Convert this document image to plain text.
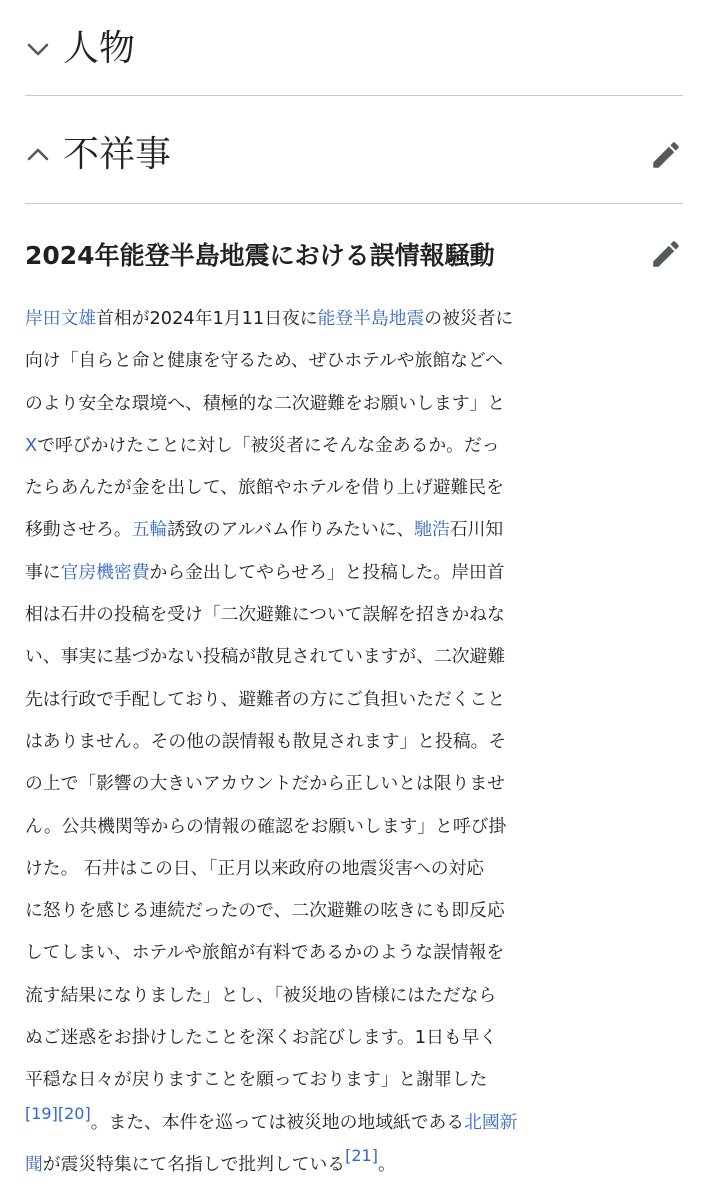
人物
不祥事
2024年能登半島地震における誤情報騒動
岸田文雄首相が2024年1月11日夜に能登半島地震の被災者に
向け「自らと命と健康を守るため、ぜひホテルや旅館などへ
のより安全な環境へ、積極的な二次避難をお願いします」と
Xで呼びかけたことに対し「被災者にそんな金あるか。だっ
たらあんたが金を出して、旅館やホテルを借り上げ避難民を
移動させろ。五輪誘致のアルバム作りみたいに、馳浩石川知
事に官房機密費から金出してやらせろ」と投稿した。岸田首
相は石井の投稿を受け「二次避難について誤解を招きかねな
い、事実に基づかない投稿が散見されていますが、二次避難
先は行政で手配しており、避難者の方にご負担いただくこと
はありません。その他の誤情報も散見されます」と投稿。そ
の上で「影響の大きいアカウントだから正しいとは限りませ
ん。公共機関等からの情報の確認をお願いします」と呼び掛
けた。 石井はこの日、「正月以来政府の地震災害への対応
に怒りを感じる連続だったので、二次避難の呟きにも即反応
してしまい、ホテルや旅館が有料であるかのような誤情報を
流す結果になりました」とし、「被災地の皆様にはただなら
ぬご迷惑をお掛けしたことを深くお詫びします。1日も早く
平穏な日々が戻りますことを願っております」と謝罪した
[19][20]。また、本件を巡っては被災地の地域紙である北國新
聞が震災特集にて名指しで批判している[21]。
